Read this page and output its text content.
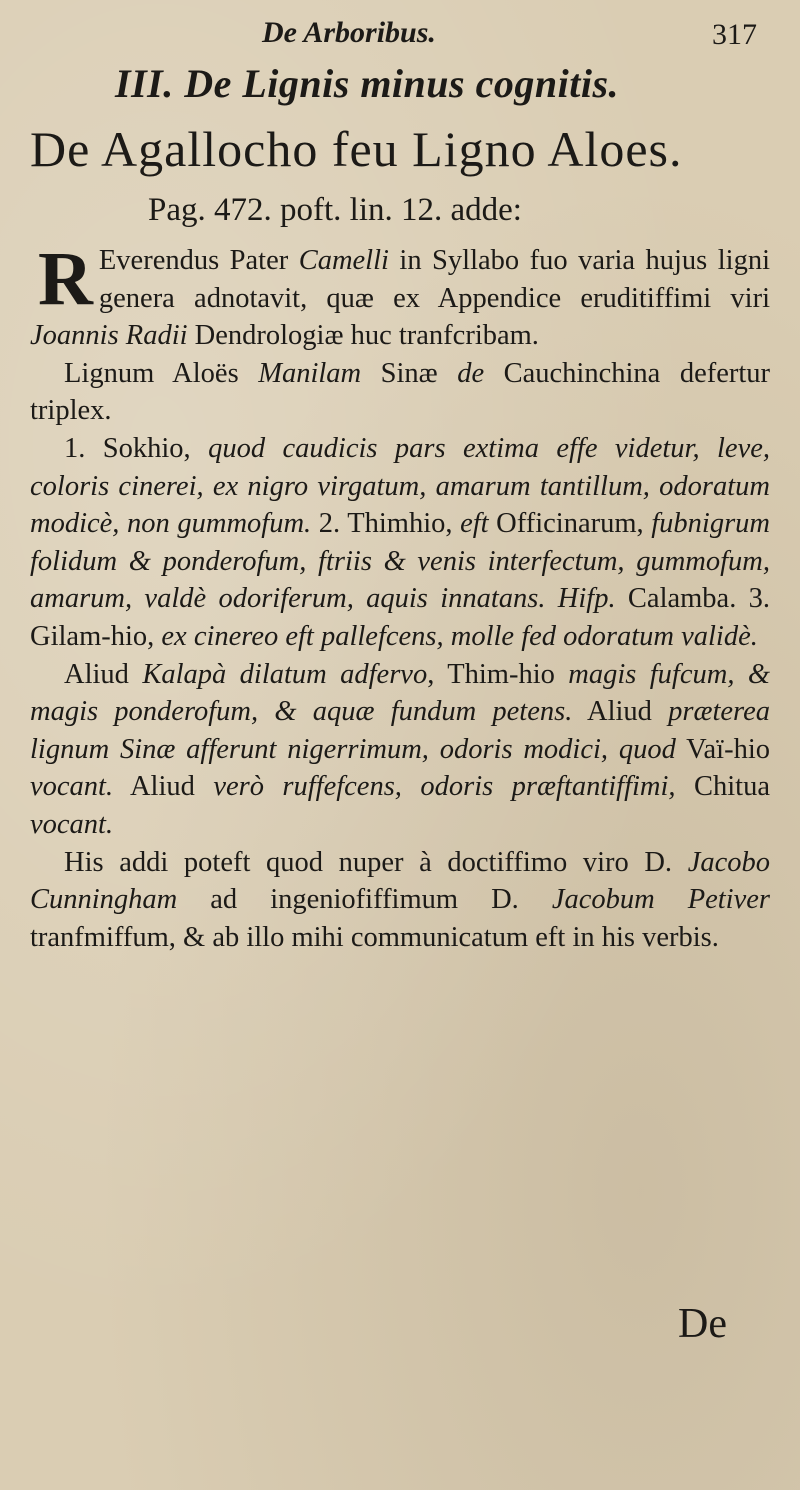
De Arboribus.	317
III. De Lignis minus cognitis.
De Agallocho feu Ligno Aloes.
Pag. 472. poft. lin. 12. adde:

R Everendus Pater Camelli in Syllabo fuo varia hujus ligni genera adnotavit, quæ ex Appendice eruditiffimi viri Joannis Radii Dendrologiæ huc tranfcribam.

Lignum Aloës Manilam Sinæ de Cauchinchina defertur triplex.

1. Sokhio, quod caudicis pars extima effe videtur, leve, coloris cinerei, ex nigro virgatum, amarum tantillum, odoratum modicè, non gummofum. 2. Thimhio, eft Officinarum, fubnigrum folidum & ponderofum, ftriis & venis interfectum, gummofum, amarum, valdè odoriferum, aquis innatans. Hifp. Calamba. 3. Gilam-hio, ex cinereo eft pallefcens, molle fed odoratum validè.

Aliud Kalapà dilatum adfervo, Thim-hio magis fufcum, & magis ponderofum, & aquæ fundum petens. Aliud præterea lignum Sinæ afferunt nigerrimum, odoris modici, quod Vaï-hio vocant. Aliud verò ruffefcens, odoris præftantiffimi, Chitua vocant.

His addi poteft quod nuper à doctiffimo viro D. Jacobo Cunningham ad ingeniofiffimum D. Jacobum Petiver tranfmiffum, & ab illo mihi communicatum eft in his verbis.

De
